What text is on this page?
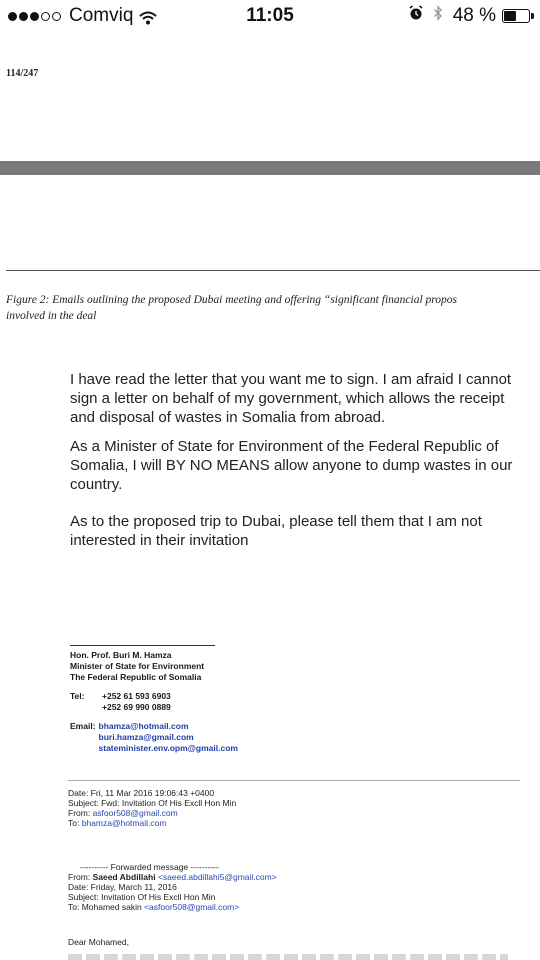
Comviq	11:05	48 %
114/247
Figure 2: Emails outlining the proposed Dubai meeting and offering “significant financial propos
involved in the deal

I have read the letter that you want me to sign. I am afraid I cannot sign a letter on behalf of my government, which allows the receipt and disposal of wastes in Somalia from abroad.

As a Minister of State for Environment of the Federal Republic of Somalia, I will BY NO MEANS allow anyone to dump wastes in our country.

As to the proposed trip to Dubai, please tell them that I am not interested in their invitation

Hon. Prof. Buri M. Hamza
Minister of State for Environment
The Federal Republic of Somalia
Tel:	+252 61 593 6903
+252 69 990 0889
Email: bhamza@hotmail.com
buri.hamza@gmail.com
stateminister.env.opm@gmail.com
Date: Fri, 11 Mar 2016 19:06:43 +0400
Subject: Fwd: Invitation Of His Excll Hon Min
From: asfoor508@gmail.com
To: bhamza@hotmail.com
---------- Forwarded message ----------
From: Saeed Abdillahi <saeed.abdillahi5@gmail.com>
Date: Friday, March 11, 2016
Subject: Invitation Of His Excll Hon Min
To: Mohamed sakin <asfoor508@gmail.com>
Dear Mohamed,
